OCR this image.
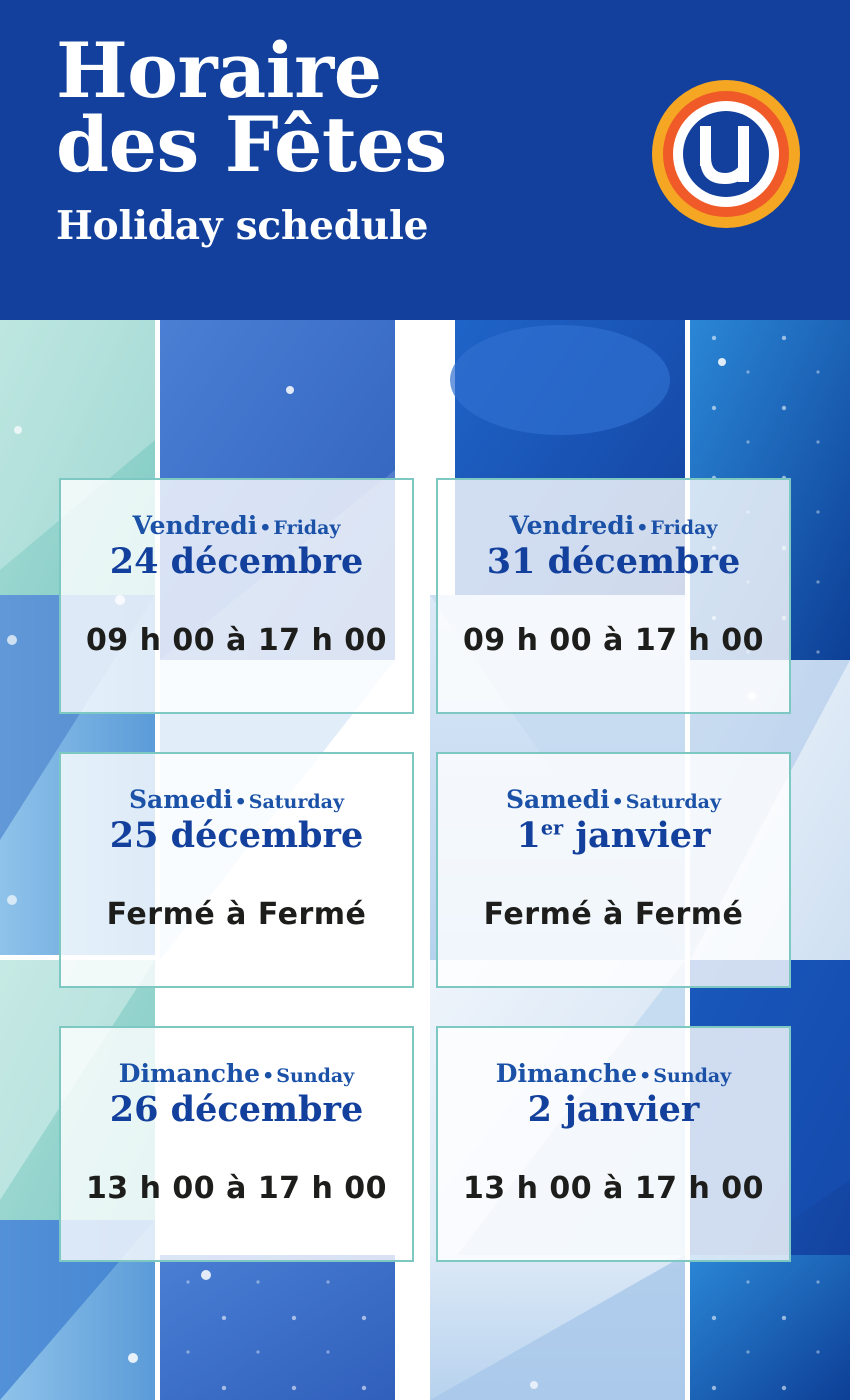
Horaire
des Fêtes
Holiday schedule
Vendredi • Friday
24 décembre
09 h 00 à 17 h 00
Vendredi • Friday
31 décembre
09 h 00 à 17 h 00
Samedi • Saturday
25 décembre
Fermé à Fermé
Samedi • Saturday
1er janvier
Fermé à Fermé
Dimanche • Sunday
26 décembre
13 h 00 à 17 h 00
Dimanche • Sunday
2 janvier
13 h 00 à 17 h 00
